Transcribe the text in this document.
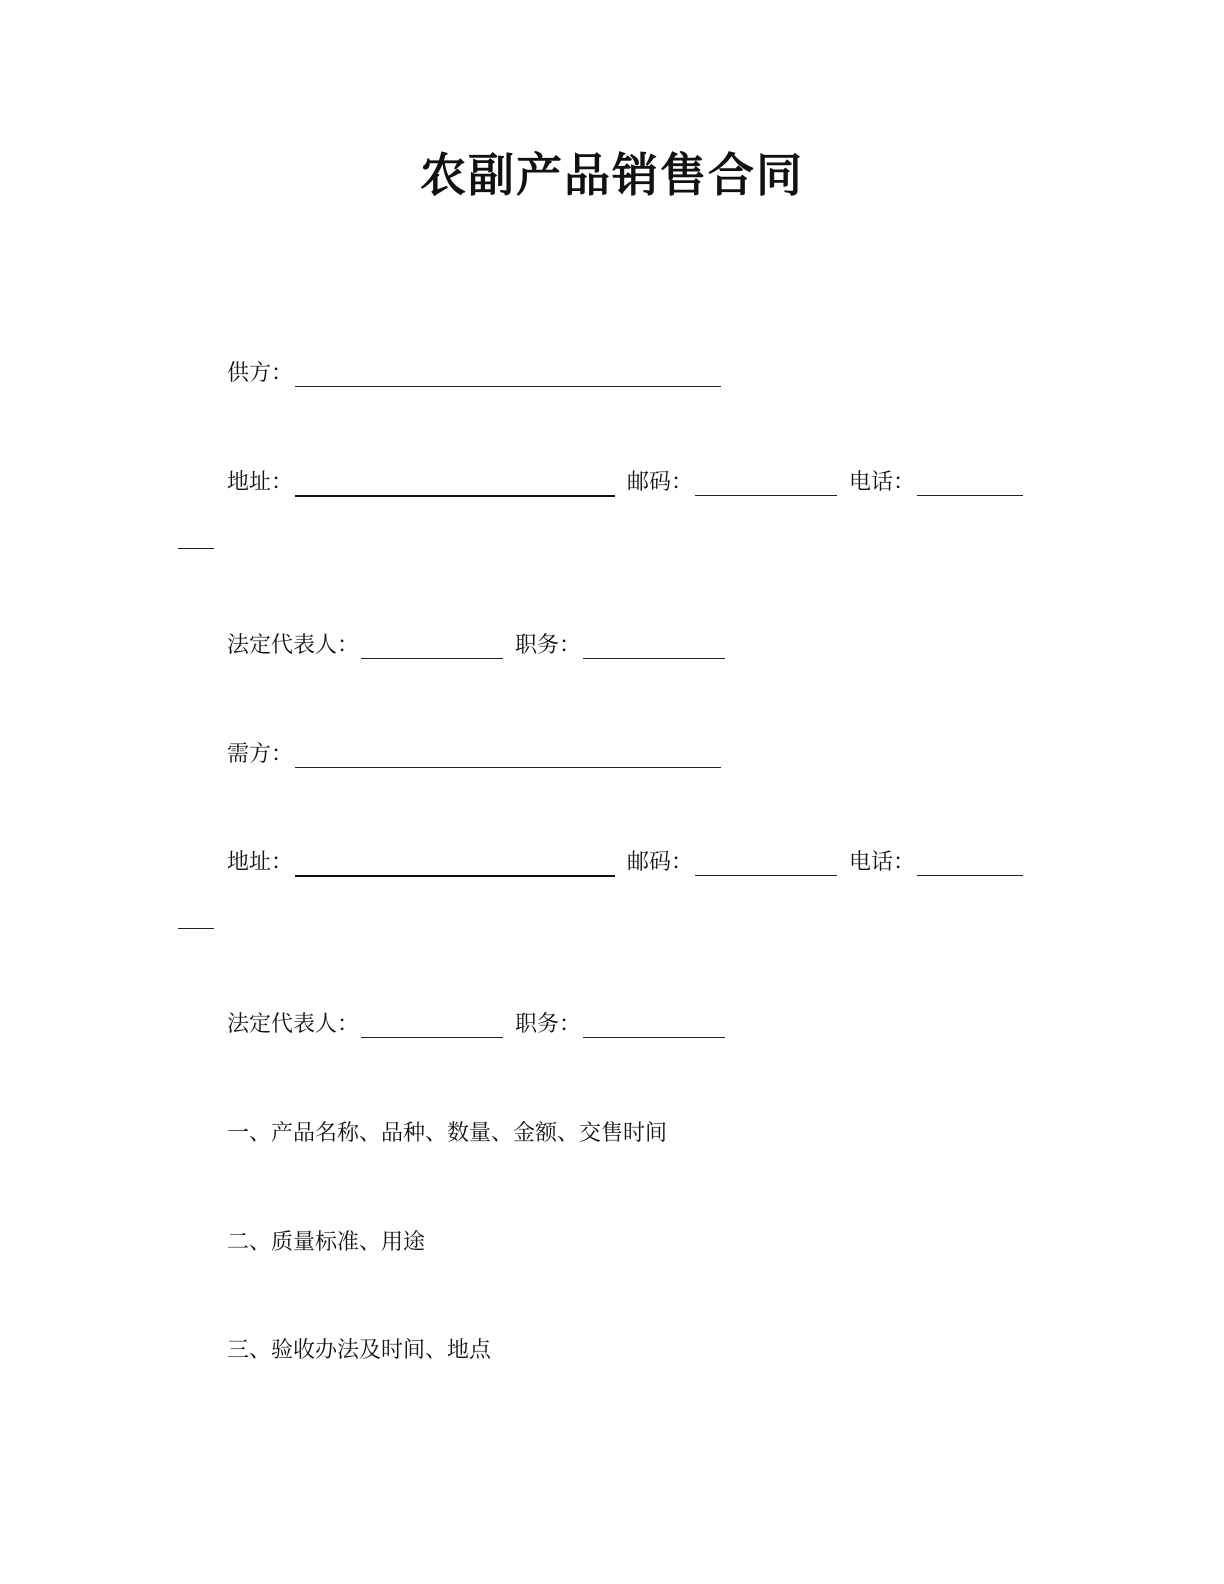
农副产品销售合同
供方：
地址：	邮码：	电话：
法定代表人：	职务：
需方：
地址：	邮码：	电话：
法定代表人：	职务：
一、产品名称、品种、数量、金额、交售时间
二、质量标准、用途
三、验收办法及时间、地点
